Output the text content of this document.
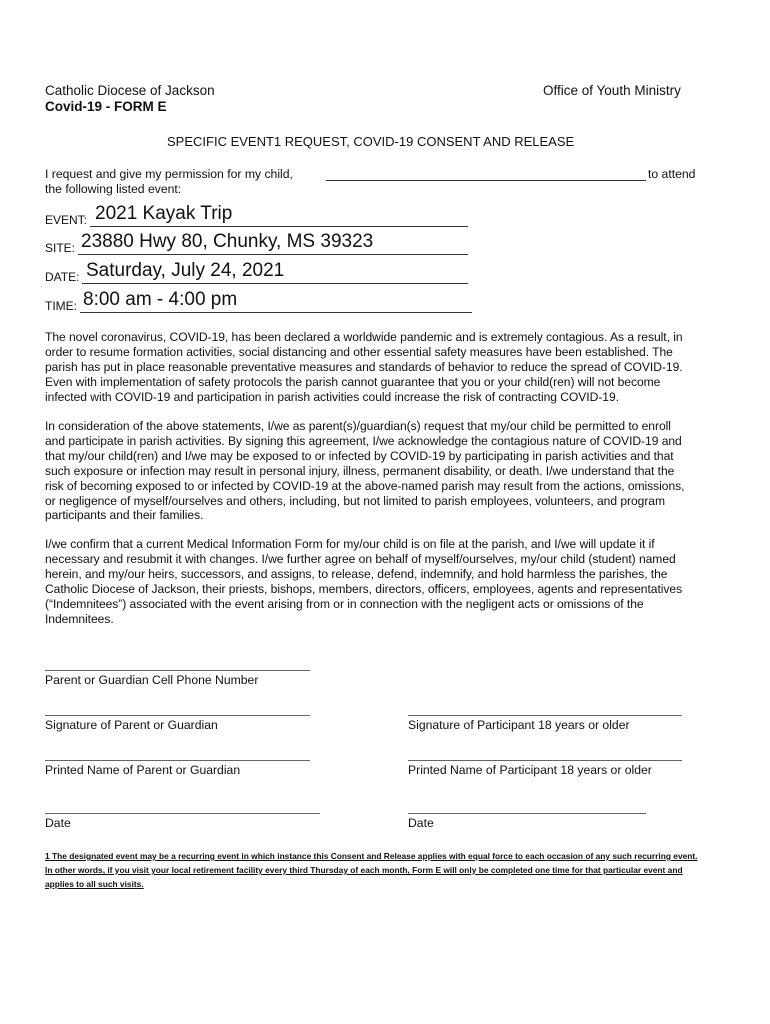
Catholic Diocese of Jackson	Office of Youth Ministry
Covid-19 - FORM E
SPECIFIC EVENT1 REQUEST, COVID-19 CONSENT AND RELEASE
I request and give my permission for my child,	to attend
the following listed event:
EVENT: 2021 Kayak Trip
SITE: 23880 Hwy 80, Chunky, MS 39323
DATE: Saturday, July 24, 2021
TIME: 8:00 am - 4:00 pm
The novel coronavirus, COVID-19, has been declared a worldwide pandemic and is extremely contagious. As a result, in
order to resume formation activities, social distancing and other essential safety measures have been established. The
parish has put in place reasonable preventative measures and standards of behavior to reduce the spread of COVID-19.
Even with implementation of safety protocols the parish cannot guarantee that you or your child(ren) will not become
infected with COVID-19 and participation in parish activities could increase the risk of contracting COVID-19.
In consideration of the above statements, I/we as parent(s)/guardian(s) request that my/our child be permitted to enroll
and participate in parish activities. By signing this agreement, I/we acknowledge the contagious nature of COVID-19 and
that my/our child(ren) and I/we may be exposed to or infected by COVID-19 by participating in parish activities and that
such exposure or infection may result in personal injury, illness, permanent disability, or death. I/we understand that the
risk of becoming exposed to or infected by COVID-19 at the above-named parish may result from the actions, omissions,
or negligence of myself/ourselves and others, including, but not limited to parish employees, volunteers, and program
participants and their families.
I/we confirm that a current Medical Information Form for my/our child is on file at the parish, and I/we will update it if
necessary and resubmit it with changes. I/we further agree on behalf of myself/ourselves, my/our child (student) named
herein, and my/our heirs, successors, and assigns, to release, defend, indemnify, and hold harmless the parishes, the
Catholic Diocese of Jackson, their priests, bishops, members, directors, officers, employees, agents and representatives
(“Indemnitees”) associated with the event arising from or in connection with the negligent acts or omissions of the
Indemnitees.
Parent or Guardian Cell Phone Number
Signature of Parent or Guardian	Signature of Participant 18 years or older
Printed Name of Parent or Guardian	Printed Name of Participant 18 years or older
Date	Date
1 The designated event may be a recurring event in which instance this Consent and Release applies with equal force to each occasion of any such recurring event.
In other words, if you visit your local retirement facility every third Thursday of each month, Form E will only be completed one time for that particular event and
applies to all such visits.
